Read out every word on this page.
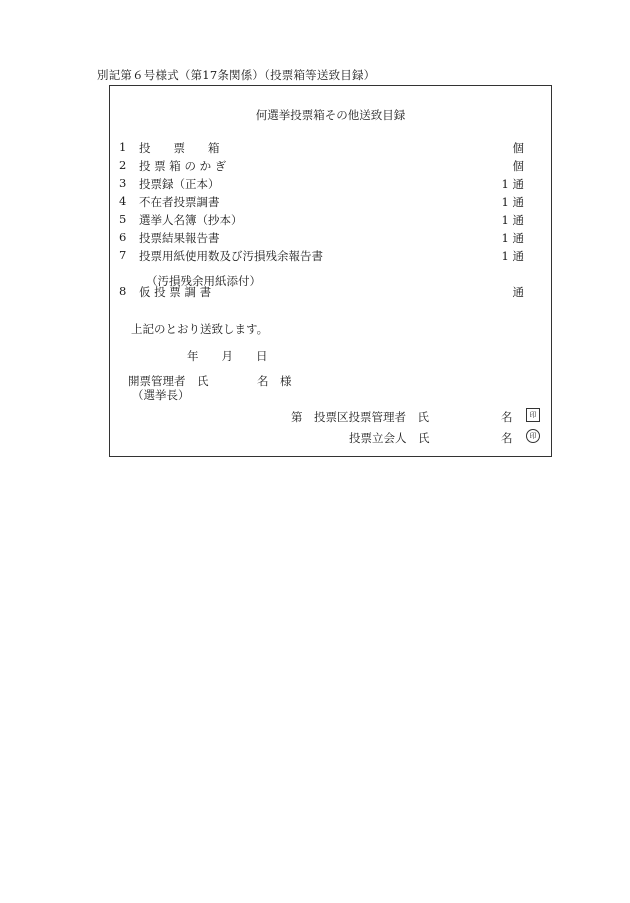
別記第６号様式（第17条関係）（投票箱等送致目録）
何選挙投票箱その他送致目録
1 投　　票　　箱	個
2 投 票 箱 の か ぎ	個
3 投票録（正本）	1 通
4 不在者投票調書	1 通
5 選挙人名簿（抄本）	1 通
6 投票結果報告書	1 通
7 投票用紙使用数及び汚損残余報告書	1 通
8 仮 投 票 調 書	通
（汚損残余用紙添付）
上記のとおり送致します。
年　　月　　日
開票管理者　氏	名　様
（選挙長）
第　投票区投票管理者　氏	名	印
投票立会人　氏	名	印
